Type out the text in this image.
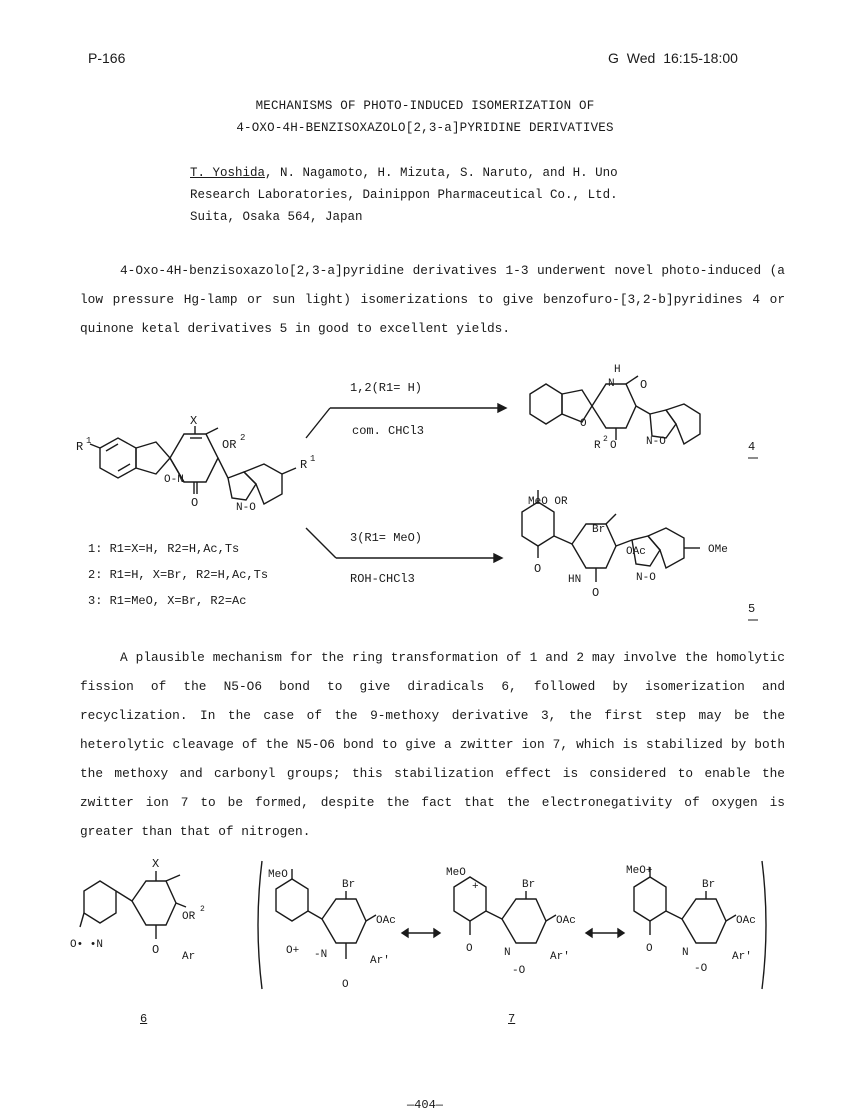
P-166	G Wed 16:15-18:00
MECHANISMS OF PHOTO-INDUCED ISOMERIZATION OF
4-OXO-4H-BENZISOXAZOLO[2,3-a]PYRIDINE DERIVATIVES
T. Yoshida, N. Nagamoto, H. Mizuta, S. Naruto, and H. Uno
Research Laboratories, Dainippon Pharmaceutical Co., Ltd.
Suita, Osaka 564, Japan

4-Oxo-4H-benzisoxazolo[2,3-a]pyridine derivatives 1-3 underwent novel photo-induced (a low pressure Hg-lamp or sun light) isomerizations to give benzofuro-[3,2-b]pyridines 4 or quinone ketal derivatives 5 in good to excellent yields.

R 1
X
OR 2
O-N
O	N-O
R 1
H
N O
O
R
2
O	N-O
MeO OR
Br
OAc
O
HN
O
N-O
OMe
1,2(R1= H)
com. CHCl3
3(R1= MeO)
ROH-CHCl3
4
5
1: R1=X=H, R2=H,Ac,Ts
2: R1=H, X=Br, R2=H,Ac,Ts
3: R1=MeO, X=Br, R2=Ac

A plausible mechanism for the ring transformation of 1 and 2 may involve the homolytic fission of the N5-O6 bond to give diradicals 6, followed by isomerization and recyclization. In the case of the 9-methoxy derivative 3, the first step may be the heterolytic cleavage of the N5-O6 bond to give a zwitter ion 7, which is stabilized by both the methoxy and carbonyl groups; this stabilization effect is considered to enable the zwitter ion 7 to be formed, despite the fact that the electronegativity of oxygen is greater than that of nitrogen.

X
OR
2
O• •N	O Ar
MeO
Br
OAc
O+ -N	Ar'
O
MeO
+	Br
OAc
O	N
-O
Ar'
MeO+
Br
OAc
O	N
-O
Ar'
6	7
—404—
